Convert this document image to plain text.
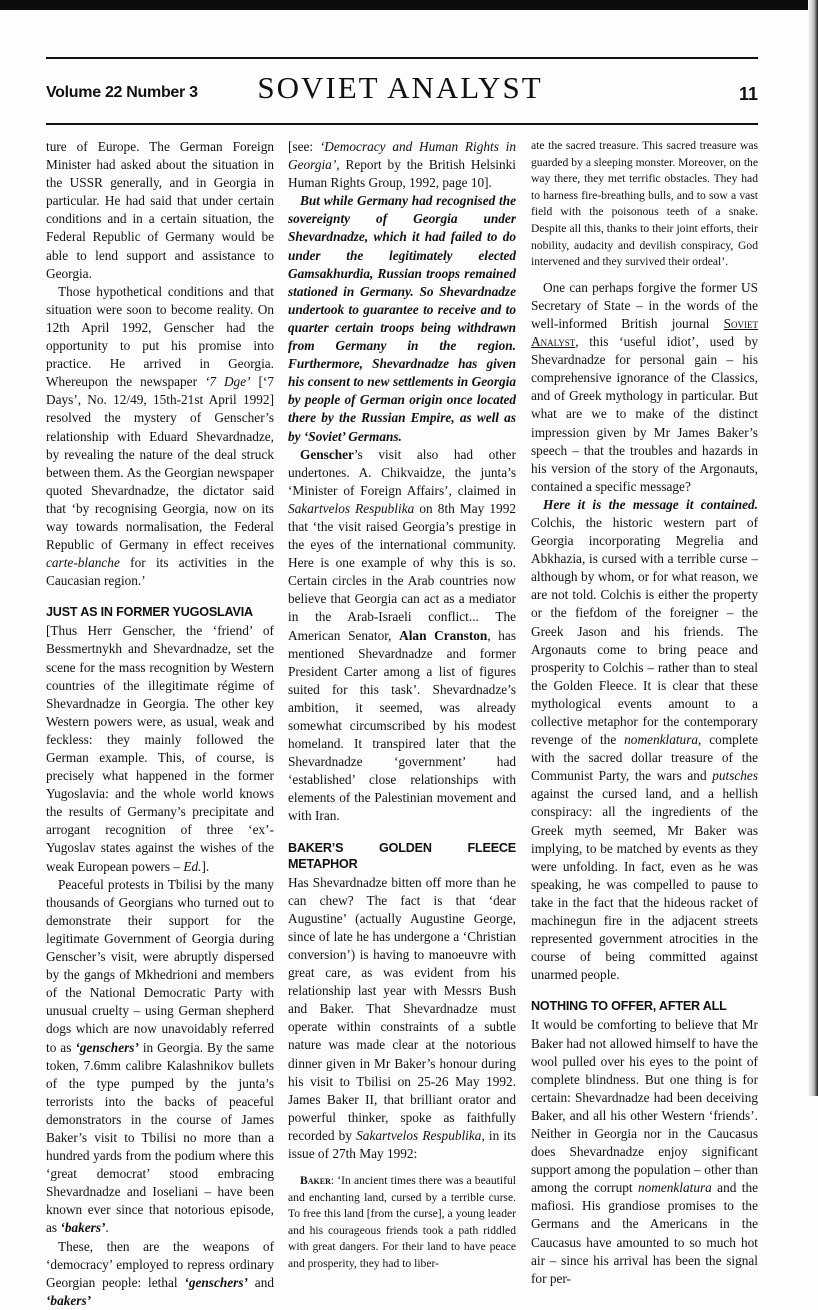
Volume 22 Number 3	SOVIET ANALYST	11

ture of Europe. The German Foreign Minister had asked about the situation in the USSR generally, and in Georgia in particular. He had said that under certain conditions and in a certain situation, the Federal Republic of Germany would be able to lend support and assistance to Georgia.

Those hypothetical conditions and that situation were soon to become reality. On 12th April 1992, Genscher had the opportunity to put his promise into practice. He arrived in Georgia. Whereupon the newspaper ‘7 Dge’ [‘7 Days’, No. 12/49, 15th-21st April 1992] resolved the mystery of Genscher’s relationship with Eduard Shevardnadze, by revealing the nature of the deal struck between them. As the Georgian newspaper quoted Shevardnadze, the dictator said that ‘by recognising Georgia, now on its way towards normalisation, the Federal Republic of Germany in effect receives carte-blanche for its activities in the Caucasian region.’

JUST AS IN FORMER YUGOSLAVIA

[Thus Herr Genscher, the ‘friend’ of Bessmertnykh and Shevardnadze, set the scene for the mass recognition by Western countries of the illegitimate régime of Shevardnadze in Georgia. The other key Western powers were, as usual, weak and feckless: they mainly followed the German example. This, of course, is precisely what happened in the former Yugoslavia: and the whole world knows the results of Germany’s precipitate and arrogant recognition of three ‘ex’-Yugoslav states against the wishes of the weak European powers – Ed.].

Peaceful protests in Tbilisi by the many thousands of Georgians who turned out to demonstrate their support for the legitimate Government of Georgia during Genscher’s visit, were abruptly dispersed by the gangs of Mkhedrioni and members of the National Democratic Party with unusual cruelty – using German shepherd dogs which are now unavoidably referred to as ‘genschers’ in Georgia. By the same token, 7.6mm calibre Kalashnikov bullets of the type pumped by the junta’s terrorists into the backs of peaceful demonstrators in the course of James Baker’s visit to Tbilisi no more than a hundred yards from the podium where this ‘great democrat’ stood embracing Shevardnadze and Ioseliani – have been known ever since that notorious episode, as ‘bakers’.

These, then are the weapons of ‘democracy’ employed to repress ordinary Georgian people: lethal ‘genschers’ and ‘bakers’

[see: ‘Democracy and Human Rights in Georgia’, Report by the British Helsinki Human Rights Group, 1992, page 10].

But while Germany had recognised the sovereignty of Georgia under Shevardnadze, which it had failed to do under the legitimately elected Gamsakhurdia, Russian troops remained stationed in Germany. So Shevardnadze undertook to guarantee to receive and to quarter certain troops being withdrawn from Germany in the region. Furthermore, Shevardnadze has given his consent to new settlements in Georgia by people of German origin once located there by the Russian Empire, as well as by ‘Soviet’ Germans.

Genscher’s visit also had other undertones. A. Chikvaidze, the junta’s ‘Minister of Foreign Affairs’, claimed in Sakartvelos Respublika on 8th May 1992 that ‘the visit raised Georgia’s prestige in the eyes of the international community. Here is one example of why this is so. Certain circles in the Arab countries now believe that Georgia can act as a mediator in the Arab-Israeli conflict... The American Senator, Alan Cranston, has mentioned Shevardnadze and former President Carter among a list of figures suited for this task’. Shevardnadze’s ambition, it seemed, was already somewhat circumscribed by his modest homeland. It transpired later that the Shevardnadze ‘government’ had ‘established’ close relationships with elements of the Palestinian movement and with Iran.

BAKER’S GOLDEN FLEECE METAPHOR

Has Shevardnadze bitten off more than he can chew? The fact is that ‘dear Augustine’ (actually Augustine George, since of late he has undergone a ‘Christian conversion’) is having to manoeuvre with great care, as was evident from his relationship last year with Messrs Bush and Baker. That Shevardnadze must operate within constraints of a subtle nature was made clear at the notorious dinner given in Mr Baker’s honour during his visit to Tbilisi on 25-26 May 1992. James Baker II, that brilliant orator and powerful thinker, spoke as faithfully recorded by Sakartvelos Respublika, in its issue of 27th May 1992:

Baker: ‘In ancient times there was a beautiful and enchanting land, cursed by a terrible curse. To free this land [from the curse], a young leader and his courageous friends took a path riddled with great dangers. For their land to have peace and prosperity, they had to liber-
ate the sacred treasure. This sacred treasure was guarded by a sleeping monster. Moreover, on the way there, they met terrific obstacles. They had to harness fire-breathing bulls, and to sow a vast field with the poisonous teeth of a snake. Despite all this, thanks to their joint efforts, their nobility, audacity and devilish conspiracy, God intervened and they survived their ordeal’.

One can perhaps forgive the former US Secretary of State – in the words of the well-informed British journal Soviet Analyst, this ‘useful idiot’, used by Shevardnadze for personal gain – his comprehensive ignorance of the Classics, and of Greek mythology in particular. But what are we to make of the distinct impression given by Mr James Baker’s speech – that the troubles and hazards in his version of the story of the Argonauts, contained a specific message?

Here it is the message it contained. Colchis, the historic western part of Georgia incorporating Megrelia and Abkhazia, is cursed with a terrible curse – although by whom, or for what reason, we are not told. Colchis is either the property or the fiefdom of the foreigner – the Greek Jason and his friends. The Argonauts come to bring peace and prosperity to Colchis – rather than to steal the Golden Fleece. It is clear that these mythological events amount to a collective metaphor for the contemporary revenge of the nomenklatura, complete with the sacred dollar treasure of the Communist Party, the wars and putsches against the cursed land, and a hellish conspiracy: all the ingredients of the Greek myth seemed, Mr Baker was implying, to be matched by events as they were unfolding. In fact, even as he was speaking, he was compelled to pause to take in the fact that the hideous racket of machinegun fire in the adjacent streets represented government atrocities in the course of being committed against unarmed people.

NOTHING TO OFFER, AFTER ALL

It would be comforting to believe that Mr Baker had not allowed himself to have the wool pulled over his eyes to the point of complete blindness. But one thing is for certain: Shevardnadze had been deceiving Baker, and all his other Western ‘friends’. Neither in Georgia nor in the Caucasus does Shevardnadze enjoy significant support among the population – other than among the corrupt nomenklatura and the mafiosi. His grandiose promises to the Germans and the Americans in the Caucasus have amounted to so much hot air – since his arrival has been the signal for per-
